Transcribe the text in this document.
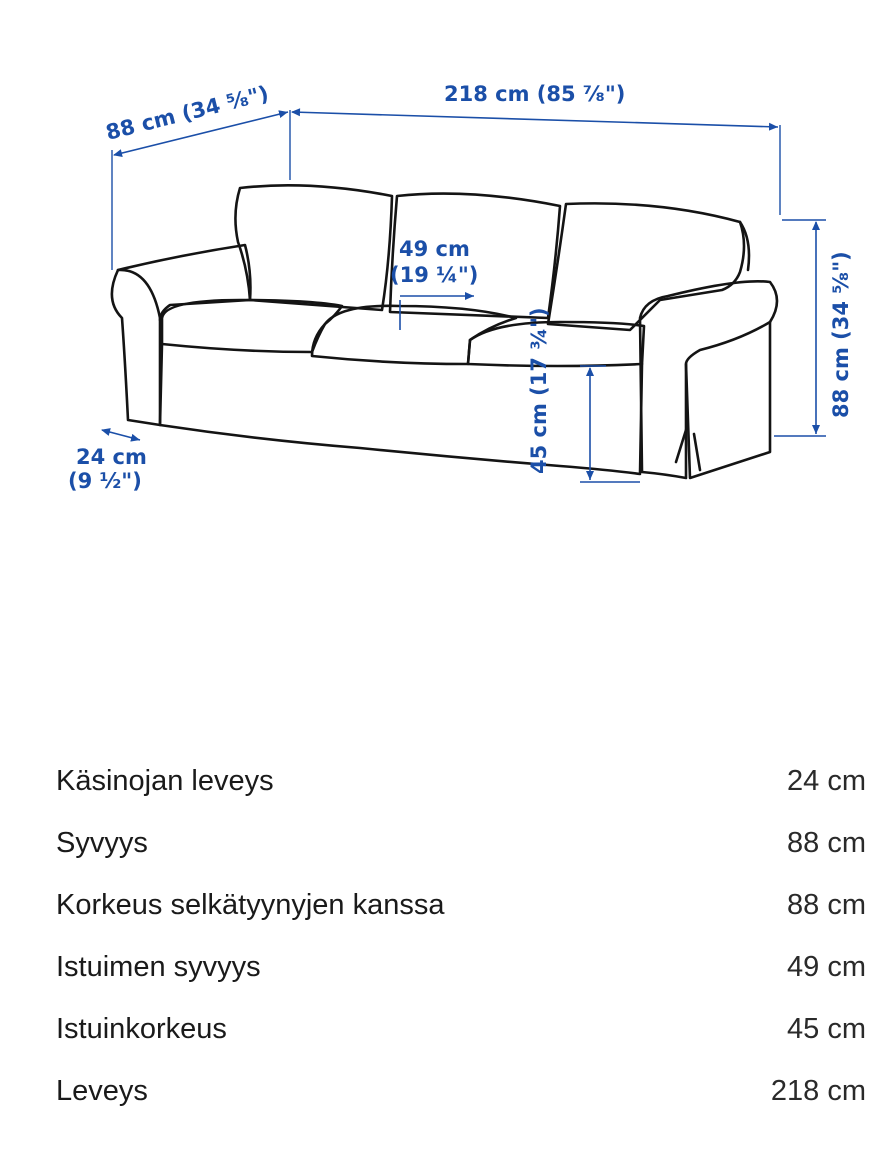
88 cm (34 ⁵⁄₈")	218 cm (85 ⁷⁄₈")
49 cm
(19 ¼")
24 cm
(9 ½")
45 cm (17 ¾")	88 cm (34 ⁵⁄₈")
Käsinojan leveys	24 cm
Syvyys	88 cm
Korkeus selkätyynyjen kanssa	88 cm
Istuimen syvyys	49 cm
Istuinkorkeus	45 cm
Leveys	218 cm
